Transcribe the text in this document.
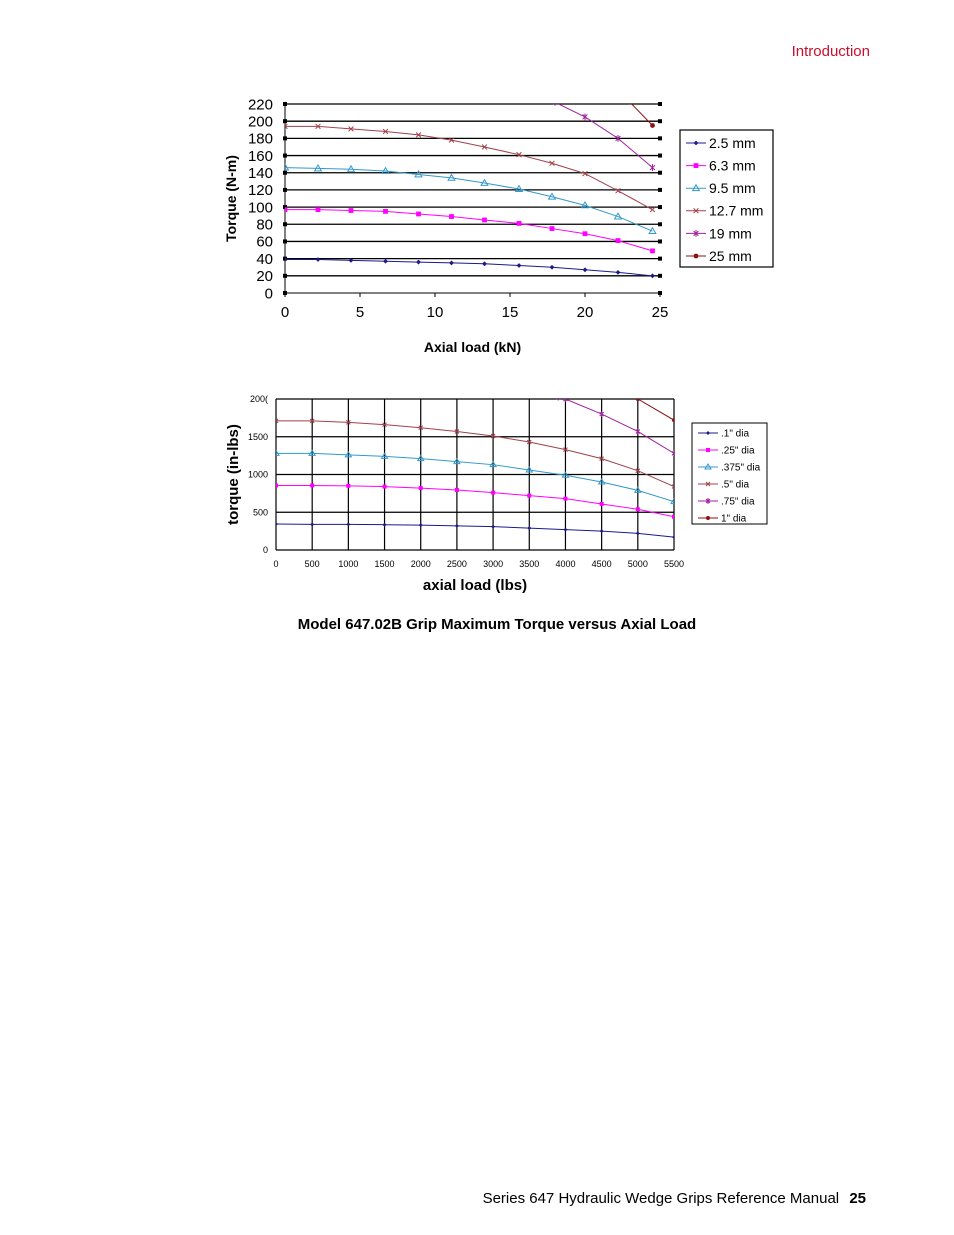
Introduction
0
20
40
60
80
100
120
140
160
180
200
220
0	5	10	15	20	25
Axial load (kN)
Torque (N-m)
2.5 mm
6.3 mm
9.5 mm
12.7 mm
19 mm
25 mm
0
500
1000
1500
200(
0	500 1000 1500 2000 2500 3000 3500 4000 4500 5000 5500
axial load (lbs)
torque (in-lbs)	.1" dia
.25" dia
.375" dia
.5" dia
.75" dia
1" dia
Model 647.02B Grip Maximum Torque versus Axial Load
Series 647 Hydraulic Wedge Grips Reference Manual 25
